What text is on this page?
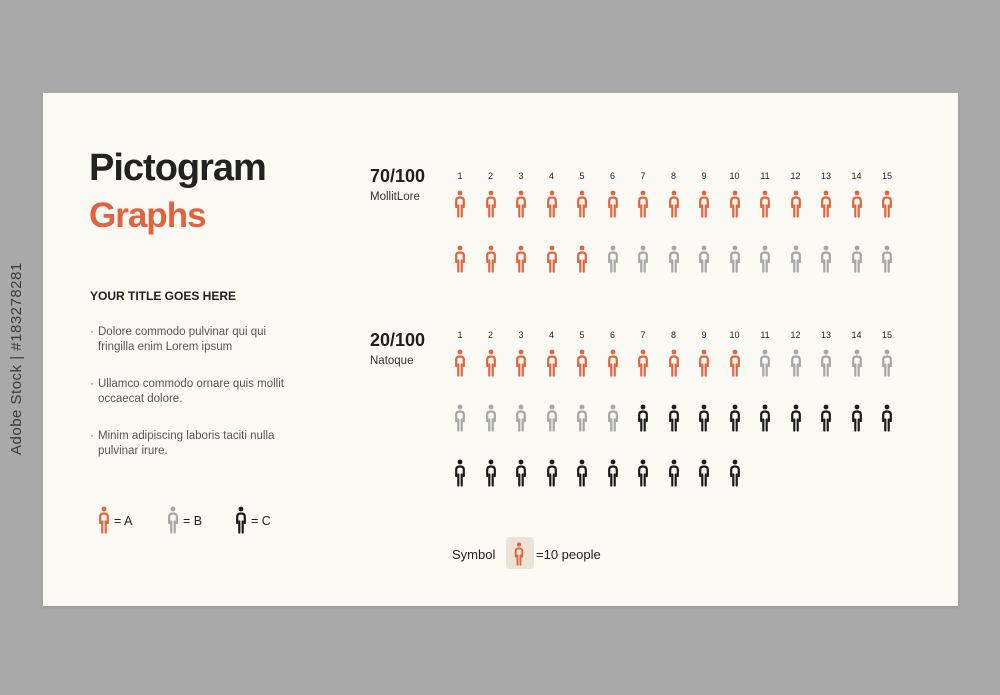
Adobe Stock | #183278281
Pictogram
Graphs
YOUR TITLE GOES HERE
· Dolore commodo pulvinar qui qui fringilla enim Lorem ipsum
· Ullamco commodo ornare quis mollit occaecat dolore.
· Minim adipiscing laboris taciti nulla pulvinar irure.
= A	= B	= C
70/100
MollitLore
20/100
Natoque
1	2	3	4	5	6	7	8	9	10	11	12	13	14	15
1	2	3	4	5	6	7	8	9	10	11	12	13	14	15
Symbol	=10 people
